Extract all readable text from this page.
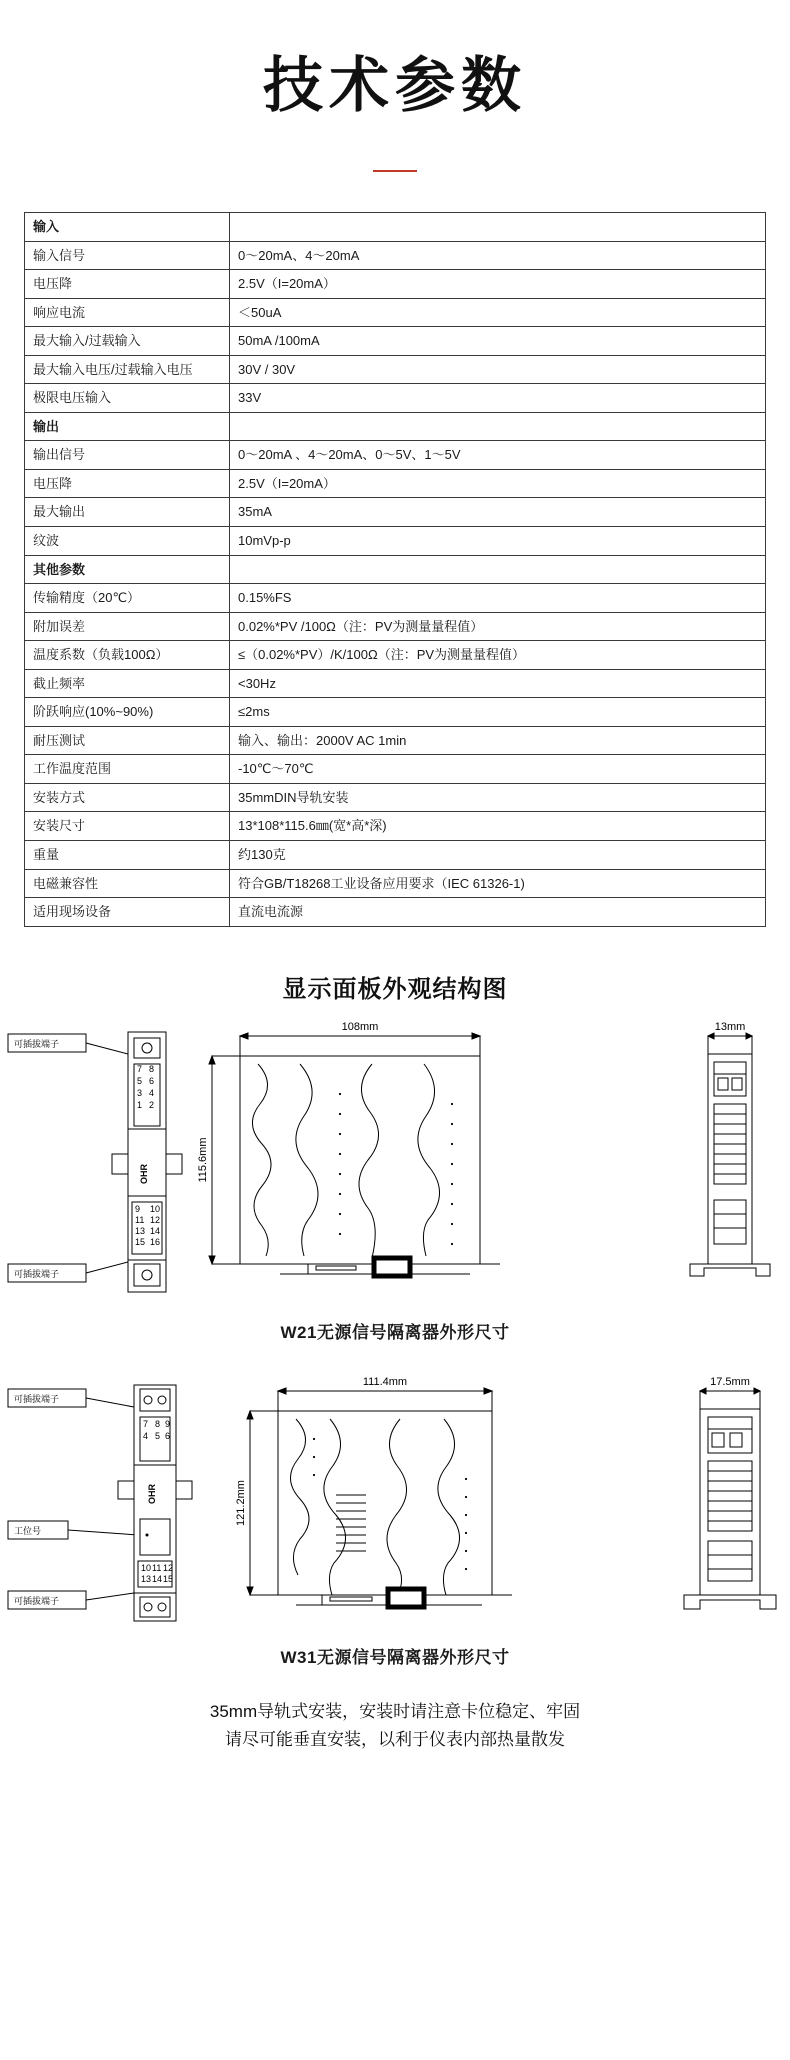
技术参数
输入	
输入信号	0～20mA、4～20mA
电压降	2.5V（I=20mA）
响应电流	＜50uA
最大输入/过载输入	50mA /100mA
最大输入电压/过载输入电压	30V / 30V
极限电压输入	33V
输出	
输出信号	0～20mA 、4～20mA、0～5V、1～5V
电压降	2.5V（I=20mA）
最大输出	35mA
纹波	10mVp-p
其他参数	
传输精度（20℃）	0.15%FS
附加误差	0.02%*PV /100Ω（注：PV为测量量程值）
温度系数（负载100Ω）	≤（0.02%*PV）/K/100Ω（注：PV为测量量程值）
截止频率	<30Hz
阶跃响应(10%~90%)	≤2ms
耐压测试	输入、输出：2000V AC 1min
工作温度范围	-10℃～70℃
安装方式	35mmDIN导轨安装
安装尺寸	13*108*115.6㎜(宽*高*深)
重量	约130克
电磁兼容性	符合GB/T18268工业设备应用要求（IEC 61326-1)
适用现场设备	直流电流源
显示面板外观结构图
可插拔端子
可插拔端子
7 8
5 6
3 4
1 2
OHR
9 10
11 12
13 14
15 16
108mm
115.6mm
13mm
W21无源信号隔离器外形尺寸
可插拔端子
工位号
可插拔端子
7 8 9
4 5 6
OHR
10 11 12
13 14 15
111.4mm
121.2mm
17.5mm
W31无源信号隔离器外形尺寸
35mm导轨式安装，安装时请注意卡位稳定、牢固
请尽可能垂直安装，以利于仪表内部热量散发
